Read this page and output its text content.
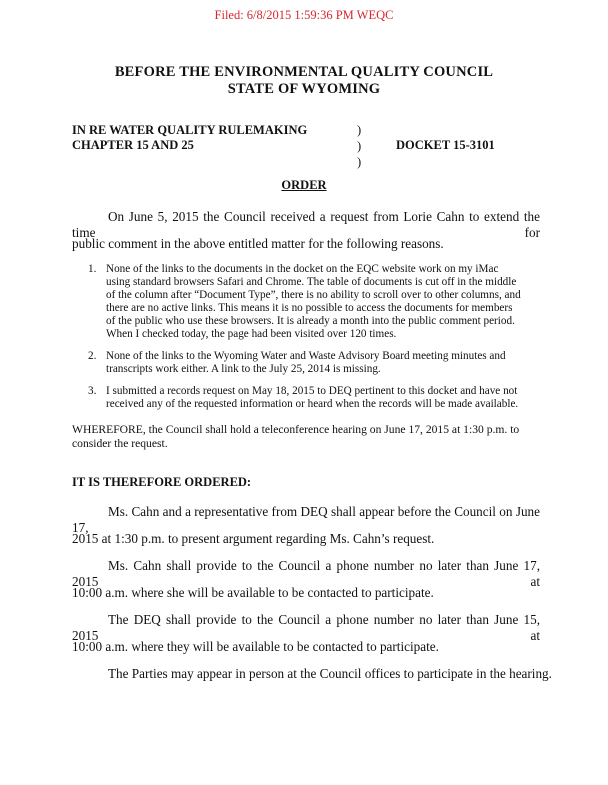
Filed: 6/8/2015 1:59:36 PM WEQC
BEFORE THE ENVIRONMENTAL QUALITY COUNCIL
STATE OF WYOMING
IN RE WATER QUALITY RULEMAKING
CHAPTER 15 AND 25
)
)
)
DOCKET 15-3101
ORDER
On June 5, 2015 the Council received a request from Lorie Cahn to extend the time for
public comment in the above entitled matter for the following reasons.
1. None of the links to the documents in the docket on the EQC website work on my iMac using standard browsers Safari and Chrome. The table of documents is cut off in the middle of the column after “Document Type”, there is no ability to scroll over to other columns, and there are no active links. This means it is no possible to access the documents for members of the public who use these browsers. It is already a month into the public comment period. When I checked today, the page had been visited over 120 times.
2. None of the links to the Wyoming Water and Waste Advisory Board meeting minutes and transcripts work either. A link to the July 25, 2014 is missing.
3. I submitted a records request on May 18, 2015 to DEQ pertinent to this docket and have not received any of the requested information or heard when the records will be made available.
WHEREFORE, the Council shall hold a teleconference hearing on June 17, 2015 at 1:30 p.m. to consider the request.
IT IS THEREFORE ORDERED:
Ms. Cahn and a representative from DEQ shall appear before the Council on June 17,
2015 at 1:30 p.m. to present argument regarding Ms. Cahn’s request.
Ms. Cahn shall provide to the Council a phone number no later than June 17, 2015 at
10:00 a.m. where she will be available to be contacted to participate.
The DEQ shall provide to the Council a phone number no later than June 15, 2015 at
10:00 a.m. where they will be available to be contacted to participate.
The Parties may appear in person at the Council offices to participate in the hearing.
